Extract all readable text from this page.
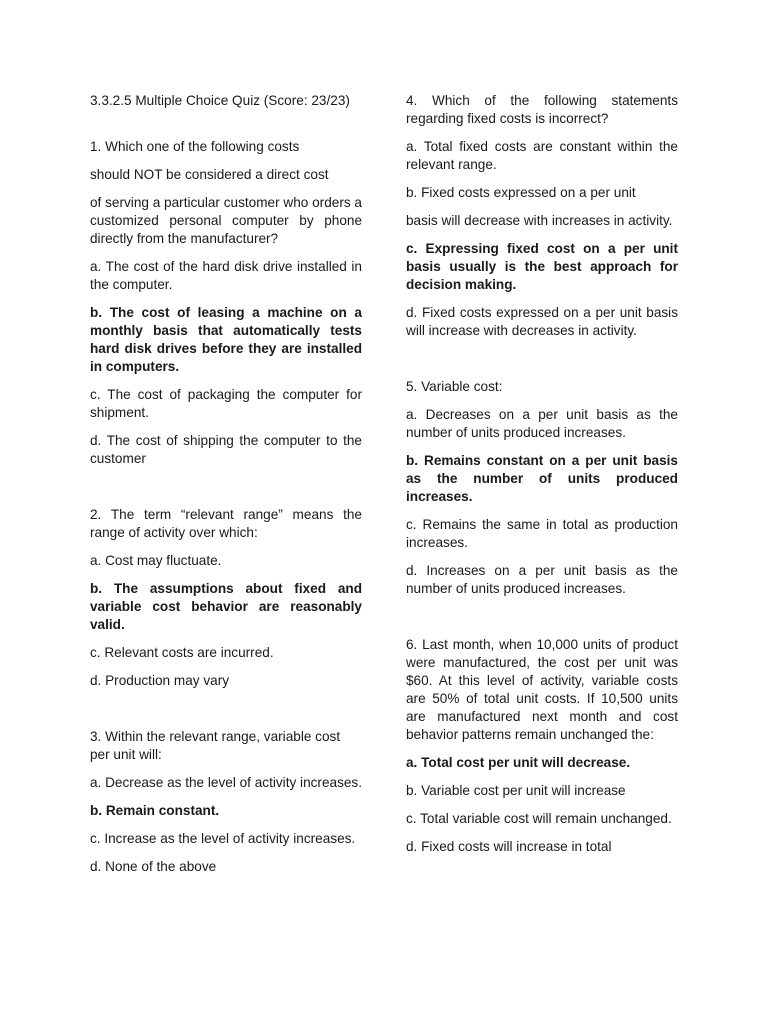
3.3.2.5 Multiple Choice Quiz (Score: 23/23)

1. Which one of the following costs

should NOT be considered a direct cost

of serving a particular customer who orders a customized personal computer by phone directly from the manufacturer?

a. The cost of the hard disk drive installed in the computer.

b. The cost of leasing a machine on a monthly basis that automatically tests hard disk drives before they are installed in computers.

c. The cost of packaging the computer for shipment.

d. The cost of shipping the computer to the customer

2. The term “relevant range” means the range of activity over which:

a. Cost may fluctuate.

b. The assumptions about fixed and variable cost behavior are reasonably valid.

c. Relevant costs are incurred.

d. Production may vary

3. Within the relevant range, variable cost per unit will:

a. Decrease as the level of activity increases.

b. Remain constant.

c. Increase as the level of activity increases.

d. None of the above

4. Which of the following statements regarding fixed costs is incorrect?

a. Total fixed costs are constant within the relevant range.

b. Fixed costs expressed on a per unit

basis will decrease with increases in activity.

c. Expressing fixed cost on a per unit basis usually is the best approach for decision making.

d. Fixed costs expressed on a per unit basis will increase with decreases in activity.

5. Variable cost:

a. Decreases on a per unit basis as the number of units produced increases.

b. Remains constant on a per unit basis as the number of units produced increases.

c. Remains the same in total as production increases.

d. Increases on a per unit basis as the number of units produced increases.

6. Last month, when 10,000 units of product were manufactured, the cost per unit was $60. At this level of activity, variable costs are 50% of total unit costs. If 10,500 units are manufactured next month and cost behavior patterns remain unchanged the:

a. Total cost per unit will decrease.

b. Variable cost per unit will increase

c. Total variable cost will remain unchanged.

d. Fixed costs will increase in total
